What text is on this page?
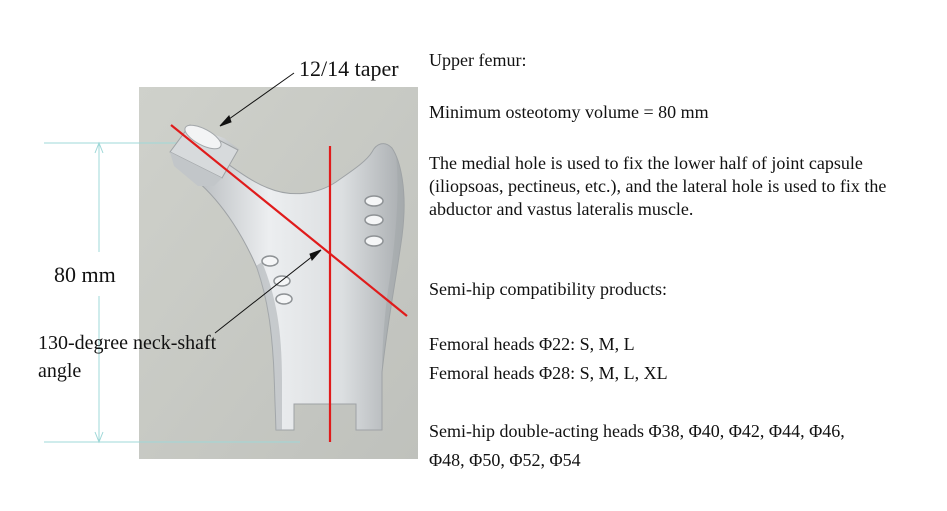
12/14 taper
80 mm
130-degree neck-shaft angle
Upper femur:
Minimum osteotomy volume = 80 mm
The medial hole is used to fix the lower half of joint capsule (iliopsoas, pectineus, etc.), and the lateral hole is used to fix the abductor and vastus lateralis muscle.
Semi-hip compatibility products:
Femoral heads Φ22: S, M, L
Femoral heads Φ28: S, M, L, XL
Semi-hip double-acting heads Φ38, Φ40, Φ42, Φ44, Φ46, Φ48, Φ50, Φ52, Φ54
